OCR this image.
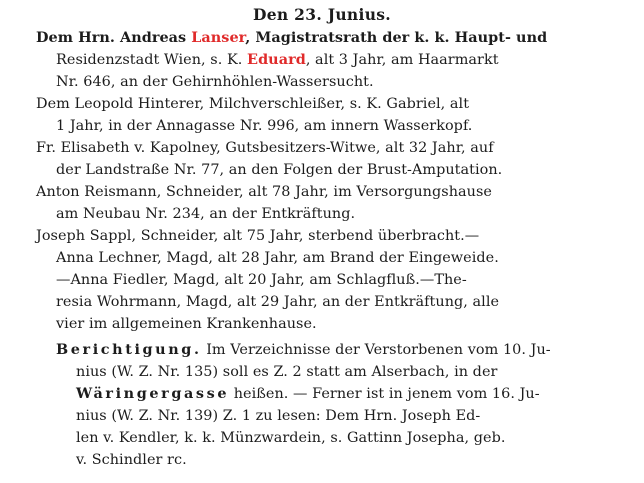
Den 23. Junius.
Dem Hrn. Andreas Lanser, Magistratsrath der k. k. Haupt- und
Residenzstadt Wien, s. K. Eduard, alt 3 Jahr, am Haarmarkt
Nr. 646, an der Gehirnhöhlen-Wassersucht.
Dem Leopold Hinterer, Milchverschleißer, s. K. Gabriel, alt
1 Jahr, in der Annagasse Nr. 996, am innern Wasserkopf.
Fr. Elisabeth v. Kapolney, Gutsbesitzers-Witwe, alt 32 Jahr, auf
der Landstraße Nr. 77, an den Folgen der Brust-Amputation.
Anton Reismann, Schneider, alt 78 Jahr, im Versorgungshause
am Neubau Nr. 234, an der Entkräftung.
Joseph Sappl, Schneider, alt 75 Jahr, sterbend überbracht.—
Anna Lechner, Magd, alt 28 Jahr, am Brand der Eingeweide.
—Anna Fiedler, Magd, alt 20 Jahr, am Schlagfluß.—The-
resia Wohrmann, Magd, alt 29 Jahr, an der Entkräftung, alle
vier im allgemeinen Krankenhause.
Berichtigung. Im Verzeichnisse der Verstorbenen vom 10. Ju-
nius (W. Z. Nr. 135) soll es Z. 2 statt am Alserbach, in der
Wäringergasse heißen. — Ferner ist in jenem vom 16. Ju-
nius (W. Z. Nr. 139) Z. 1 zu lesen: Dem Hrn. Joseph Ed-
len v. Kendler, k. k. Münzwardein, s. Gattinn Josepha, geb.
v. Schindler rc.
